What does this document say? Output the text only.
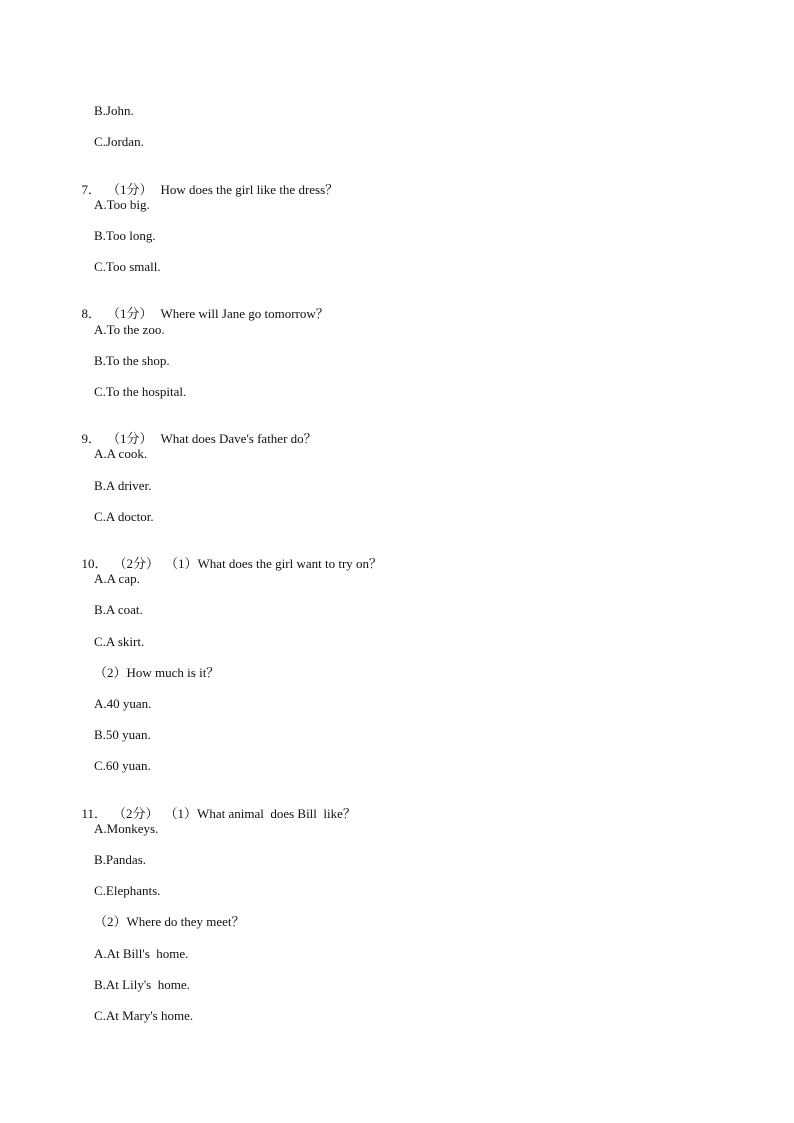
B.John.
C.Jordan.

7． （1分） How does the girl like the dress？

A.Too big.
B.Too long.
C.Too small.

8． （1分） Where will Jane go tomorrow？

A.To the zoo.
B.To the shop.
C.To the hospital.

9． （1分） What does Dave's father do？

A.A cook.
B.A driver.
C.A doctor.

10． （2分） （1）What does the girl want to try on？

A.A cap.
B.A coat.
C.A skirt.
（2）How much is it？
A.40 yuan.
B.50 yuan.
C.60 yuan.

11． （2分） （1）What animal  does Bill  like？

A.Monkeys.
B.Pandas.
C.Elephants.
（2）Where do they meet？
A.At Bill's  home.
B.At Lily's  home.
C.At Mary's home.
